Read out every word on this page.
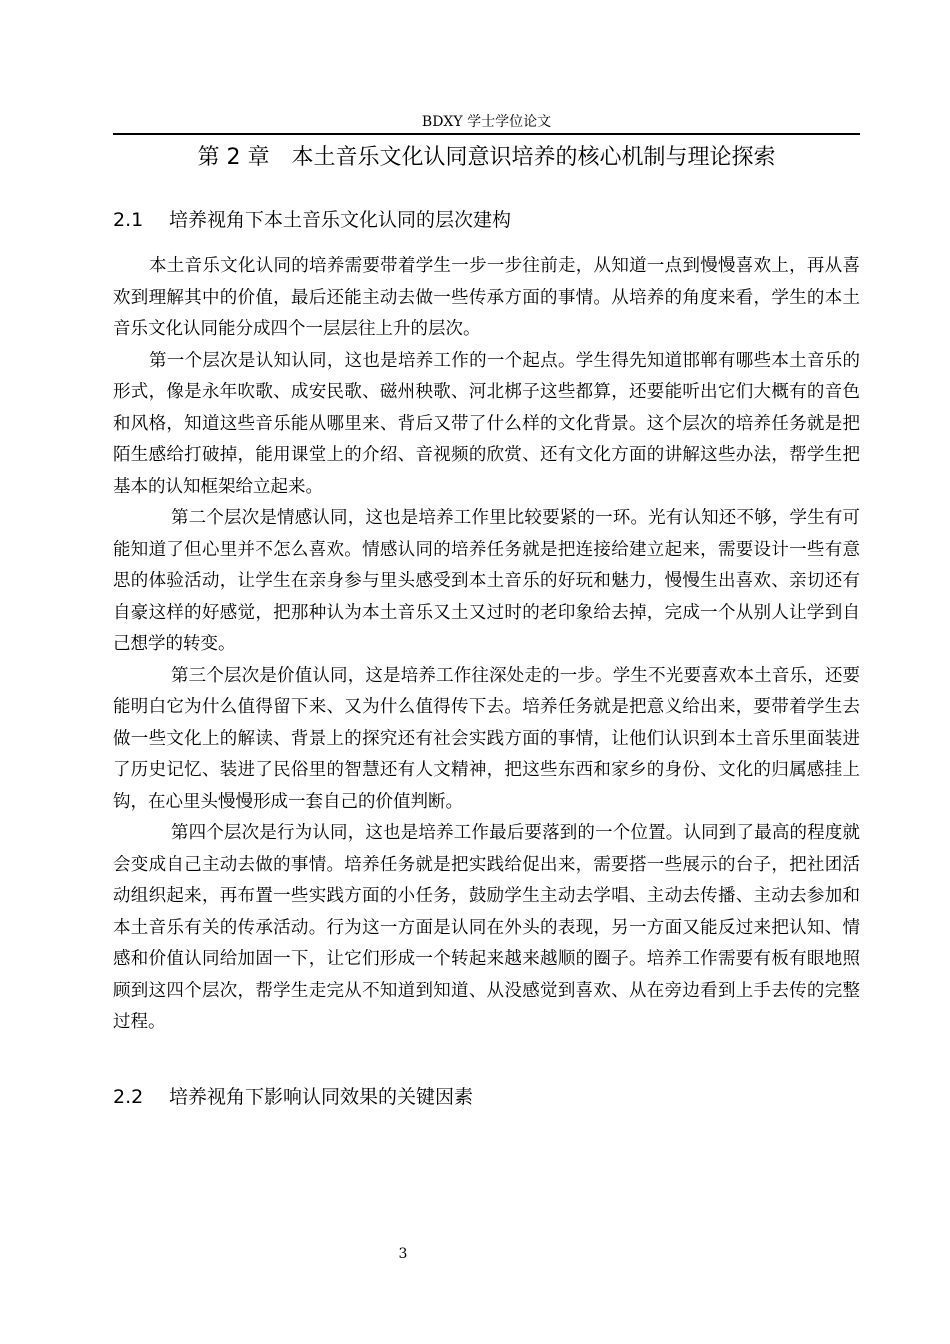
BDXY 学士学位论文
第 2 章　本土音乐文化认同意识培养的核心机制与理论探索
2.1 培养视角下本土音乐文化认同的层次建构

本土音乐文化认同的培养需要带着学生一步一步往前走，从知道一点到慢慢喜欢上，再从喜欢到理解其中的价值，最后还能主动去做一些传承方面的事情。从培养的角度来看，学生的本土音乐文化认同能分成四个一层层往上升的层次。

第一个层次是认知认同，这也是培养工作的一个起点。学生得先知道邯郸有哪些本土音乐的形式，像是永年吹歌、成安民歌、磁州秧歌、河北梆子这些都算，还要能听出它们大概有的音色和风格，知道这些音乐能从哪里来、背后又带了什么样的文化背景。这个层次的培养任务就是把陌生感给打破掉，能用课堂上的介绍、音视频的欣赏、还有文化方面的讲解这些办法，帮学生把基本的认知框架给立起来。

第二个层次是情感认同，这也是培养工作里比较要紧的一环。光有认知还不够，学生有可能知道了但心里并不怎么喜欢。情感认同的培养任务就是把连接给建立起来，需要设计一些有意思的体验活动，让学生在亲身参与里头感受到本土音乐的好玩和魅力，慢慢生出喜欢、亲切还有自豪这样的好感觉，把那种认为本土音乐又土又过时的老印象给去掉，完成一个从别人让学到自己想学的转变。

第三个层次是价值认同，这是培养工作往深处走的一步。学生不光要喜欢本土音乐，还要能明白它为什么值得留下来、又为什么值得传下去。培养任务就是把意义给出来，要带着学生去做一些文化上的解读、背景上的探究还有社会实践方面的事情，让他们认识到本土音乐里面装进了历史记忆、装进了民俗里的智慧还有人文精神，把这些东西和家乡的身份、文化的归属感挂上钩，在心里头慢慢形成一套自己的价值判断。

第四个层次是行为认同，这也是培养工作最后要落到的一个位置。认同到了最高的程度就会变成自己主动去做的事情。培养任务就是把实践给促出来，需要搭一些展示的台子，把社团活动组织起来，再布置一些实践方面的小任务，鼓励学生主动去学唱、主动去传播、主动去参加和本土音乐有关的传承活动。行为这一方面是认同在外头的表现，另一方面又能反过来把认知、情感和价值认同给加固一下，让它们形成一个转起来越来越顺的圈子。培养工作需要有板有眼地照顾到这四个层次，帮学生走完从不知道到知道、从没感觉到喜欢、从在旁边看到上手去传的完整过程。

2.2 培养视角下影响认同效果的关键因素
3
